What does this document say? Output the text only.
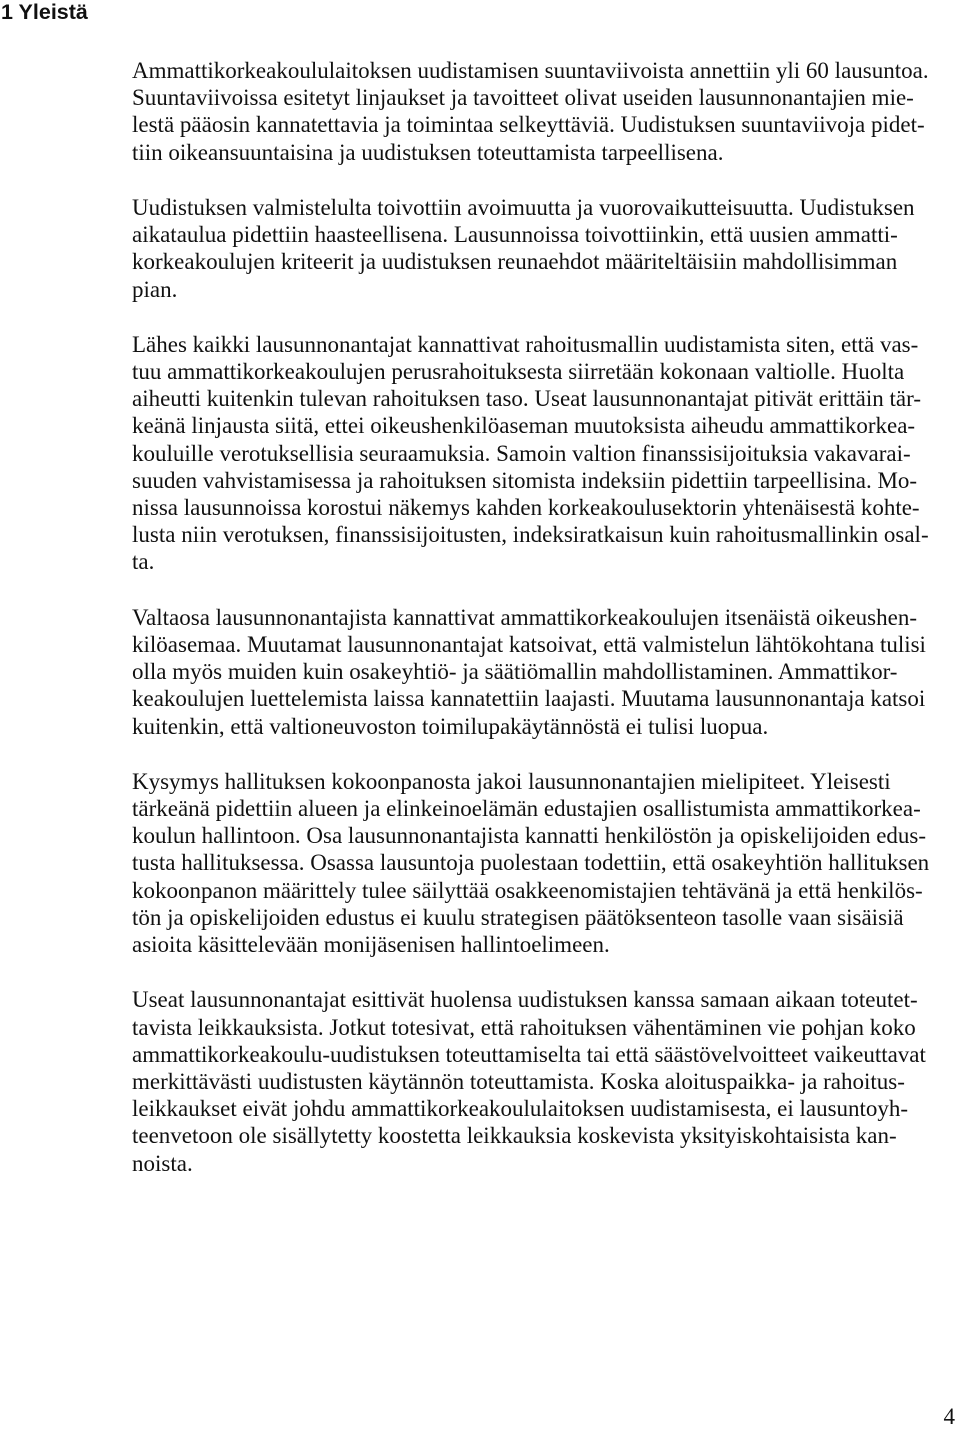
1 Yleistä
Ammattikorkeakoululaitoksen uudistamisen suuntaviivoista annettiin yli 60 lausuntoa.
Suuntaviivoissa esitetyt linjaukset ja tavoitteet olivat useiden lausunnonantajien mie-
lestä pääosin kannatettavia ja toimintaa selkeyttäviä. Uudistuksen suuntaviivoja pidet-
tiin oikeansuuntaisina ja uudistuksen toteuttamista tarpeellisena.
Uudistuksen valmistelulta toivottiin avoimuutta ja vuorovaikutteisuutta. Uudistuksen
aikataulua pidettiin haasteellisena. Lausunnoissa toivottiinkin, että uusien ammatti-
korkeakoulujen kriteerit ja uudistuksen reunaehdot määriteltäisiin mahdollisimman
pian.
Lähes kaikki lausunnonantajat kannattivat rahoitusmallin uudistamista siten, että vas-
tuu ammattikorkeakoulujen perusrahoituksesta siirretään kokonaan valtiolle. Huolta
aiheutti kuitenkin tulevan rahoituksen taso. Useat lausunnonantajat pitivät erittäin tär-
keänä linjausta siitä, ettei oikeushenkilöaseman muutoksista aiheudu ammattikorkea-
kouluille verotuksellisia seuraamuksia. Samoin valtion finanssisijoituksia vakavarai-
suuden vahvistamisessa ja rahoituksen sitomista indeksiin pidettiin tarpeellisina. Mo-
nissa lausunnoissa korostui näkemys kahden korkeakoulusektorin yhtenäisestä kohte-
lusta niin verotuksen, finanssisijoitusten, indeksiratkaisun kuin rahoitusmallinkin osal-
ta.
Valtaosa lausunnonantajista kannattivat ammattikorkeakoulujen itsenäistä oikeushen-
kilöasemaa. Muutamat lausunnonantajat katsoivat, että valmistelun lähtökohtana tulisi
olla myös muiden kuin osakeyhtiö- ja säätiömallin mahdollistaminen. Ammattikor-
keakoulujen luettelemista laissa kannatettiin laajasti. Muutama lausunnonantaja katsoi
kuitenkin, että valtioneuvoston toimilupakäytännöstä ei tulisi luopua.
Kysymys hallituksen kokoonpanosta jakoi lausunnonantajien mielipiteet. Yleisesti
tärkeänä pidettiin alueen ja elinkeinoelämän edustajien osallistumista ammattikorkea-
koulun hallintoon. Osa lausunnonantajista kannatti henkilöstön ja opiskelijoiden edus-
tusta hallituksessa. Osassa lausuntoja puolestaan todettiin, että osakeyhtiön hallituksen
kokoonpanon määrittely tulee säilyttää osakkeenomistajien tehtävänä ja että henkilös-
tön ja opiskelijoiden edustus ei kuulu strategisen päätöksenteon tasolle vaan sisäisiä
asioita käsittelevään monijäsenisen hallintoelimeen.
Useat lausunnonantajat esittivät huolensa uudistuksen kanssa samaan aikaan toteutet-
tavista leikkauksista. Jotkut totesivat, että rahoituksen vähentäminen vie pohjan koko
ammattikorkeakoulu-uudistuksen toteuttamiselta tai että säästövelvoitteet vaikeuttavat
merkittävästi uudistusten käytännön toteuttamista. Koska aloituspaikka- ja rahoitus-
leikkaukset eivät johdu ammattikorkeakoululaitoksen uudistamisesta, ei lausuntoyh-
teenvetoon ole sisällytetty koostetta leikkauksia koskevista yksityiskohtaisista kan-
noista.
4
